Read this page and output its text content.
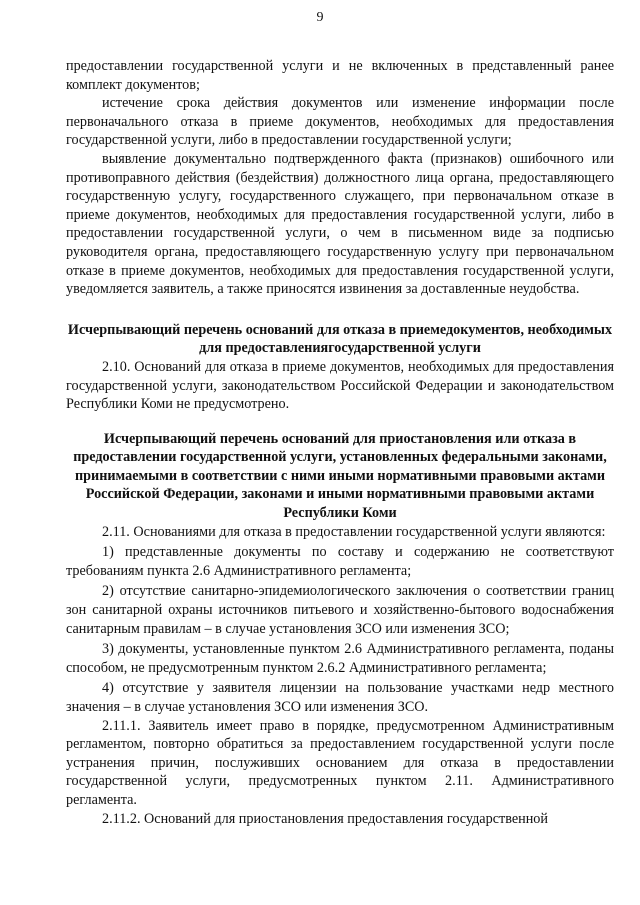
9

предоставлении государственной услуги и не включенных в представленный ранее комплект документов;

истечение срока действия документов или изменение информации после первоначального отказа в приеме документов, необходимых для предоставления государственной услуги, либо в предоставлении государственной услуги;

выявление документально подтвержденного факта (признаков) ошибочного или противоправного действия (бездействия) должностного лица органа, предоставляющего государственную услугу, государственного служащего, при первоначальном отказе в приеме документов, необходимых для предоставления государственной услуги, либо в предоставлении государственной услуги, о чем в письменном виде за подписью руководителя органа, предоставляющего государственную услугу при первоначальном отказе в приеме документов, необходимых для предоставления государственной услуги, уведомляется заявитель, а также приносятся извинения за доставленные неудобства.

Исчерпывающий перечень оснований для отказа в приемедокументов, необходимых для предоставлениягосударственной услуги

2.10. Оснований для отказа в приеме документов, необходимых для предоставления государственной услуги, законодательством Российской Федерации и законодательством Республики Коми не предусмотрено.

Исчерпывающий перечень оснований для приостановления или отказа в предоставлении государственной услуги, установленных федеральными законами, принимаемыми в соответствии с ними иными нормативными правовыми актами Российской Федерации, законами и иными нормативными правовыми актами Республики Коми

2.11. Основаниями для отказа в предоставлении государственной услуги являются:

1) представленные документы по составу и содержанию не соответствуют требованиям пункта 2.6 Административного регламента;

2) отсутствие санитарно-эпидемиологического заключения о соответствии границ зон санитарной охраны источников питьевого и хозяйственно-бытового водоснабжения санитарным правилам – в случае установления ЗСО или изменения ЗСО;

3) документы, установленные пунктом 2.6 Административного регламента, поданы способом, не предусмотренным пунктом 2.6.2 Административного регламента;

4) отсутствие у заявителя лицензии на пользование участками недр местного значения – в случае установления ЗСО или изменения ЗСО.

2.11.1. Заявитель имеет право в порядке, предусмотренном Административным регламентом, повторно обратиться за предоставлением государственной услуги после устранения причин, послуживших основанием для отказа в предоставлении государственной услуги, предусмотренных пунктом 2.11. Административного регламента.

2.11.2. Оснований для приостановления предоставления государственной
